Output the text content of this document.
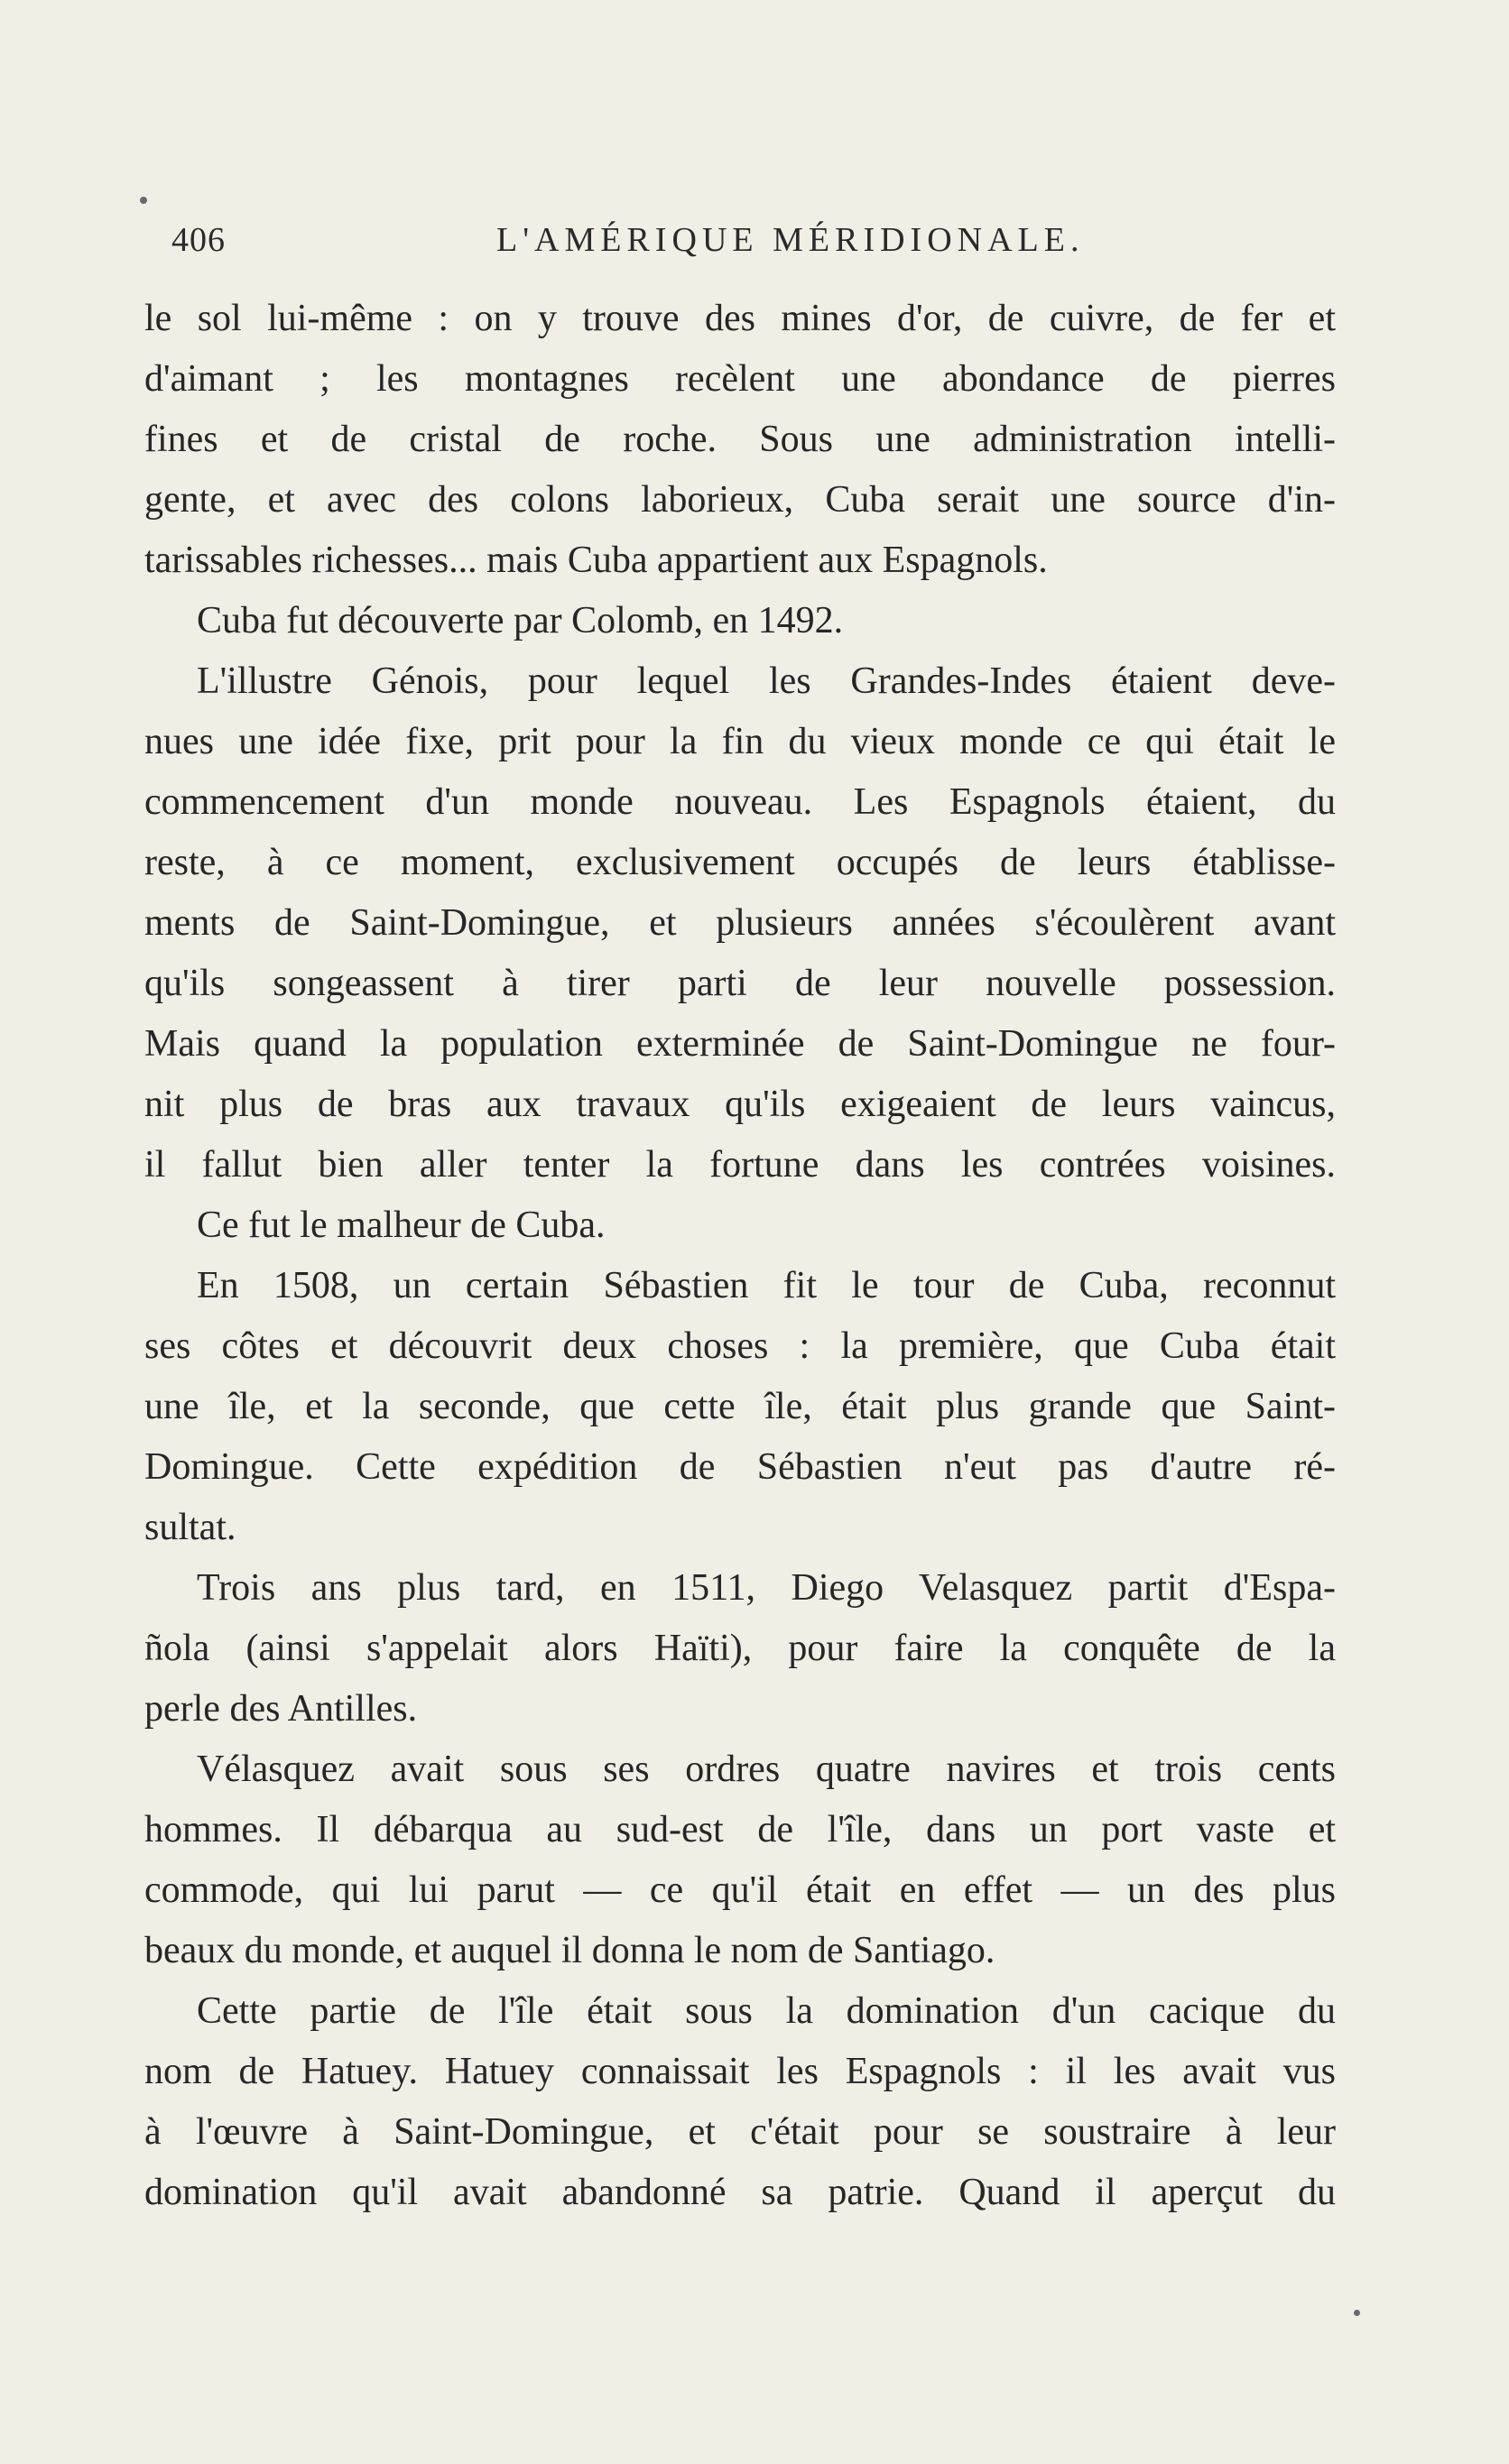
406	L'AMÉRIQUE MÉRIDIONALE.
le sol lui-même : on y trouve des mines d'or, de cuivre, de fer et
d'aimant ; les montagnes recèlent une abondance de pierres
fines et de cristal de roche. Sous une administration intelli-
gente, et avec des colons laborieux, Cuba serait une source d'in-
tarissables richesses... mais Cuba appartient aux Espagnols.
Cuba fut découverte par Colomb, en 1492.
L'illustre Génois, pour lequel les Grandes-Indes étaient deve-
nues une idée fixe, prit pour la fin du vieux monde ce qui était le
commencement d'un monde nouveau. Les Espagnols étaient, du
reste, à ce moment, exclusivement occupés de leurs établisse-
ments de Saint-Domingue, et plusieurs années s'écoulèrent avant
qu'ils songeassent à tirer parti de leur nouvelle possession.
Mais quand la population exterminée de Saint-Domingue ne four-
nit plus de bras aux travaux qu'ils exigeaient de leurs vaincus,
il fallut bien aller tenter la fortune dans les contrées voisines.
Ce fut le malheur de Cuba.
En 1508, un certain Sébastien fit le tour de Cuba, reconnut
ses côtes et découvrit deux choses : la première, que Cuba était
une île, et la seconde, que cette île, était plus grande que Saint-
Domingue. Cette expédition de Sébastien n'eut pas d'autre ré-
sultat.
Trois ans plus tard, en 1511, Diego Velasquez partit d'Espa-
ñola (ainsi s'appelait alors Haïti), pour faire la conquête de la
perle des Antilles.
Vélasquez avait sous ses ordres quatre navires et trois cents
hommes. Il débarqua au sud-est de l'île, dans un port vaste et
commode, qui lui parut — ce qu'il était en effet — un des plus
beaux du monde, et auquel il donna le nom de Santiago.
Cette partie de l'île était sous la domination d'un cacique du
nom de Hatuey. Hatuey connaissait les Espagnols : il les avait vus
à l'œuvre à Saint-Domingue, et c'était pour se soustraire à leur
domination qu'il avait abandonné sa patrie. Quand il aperçut du
